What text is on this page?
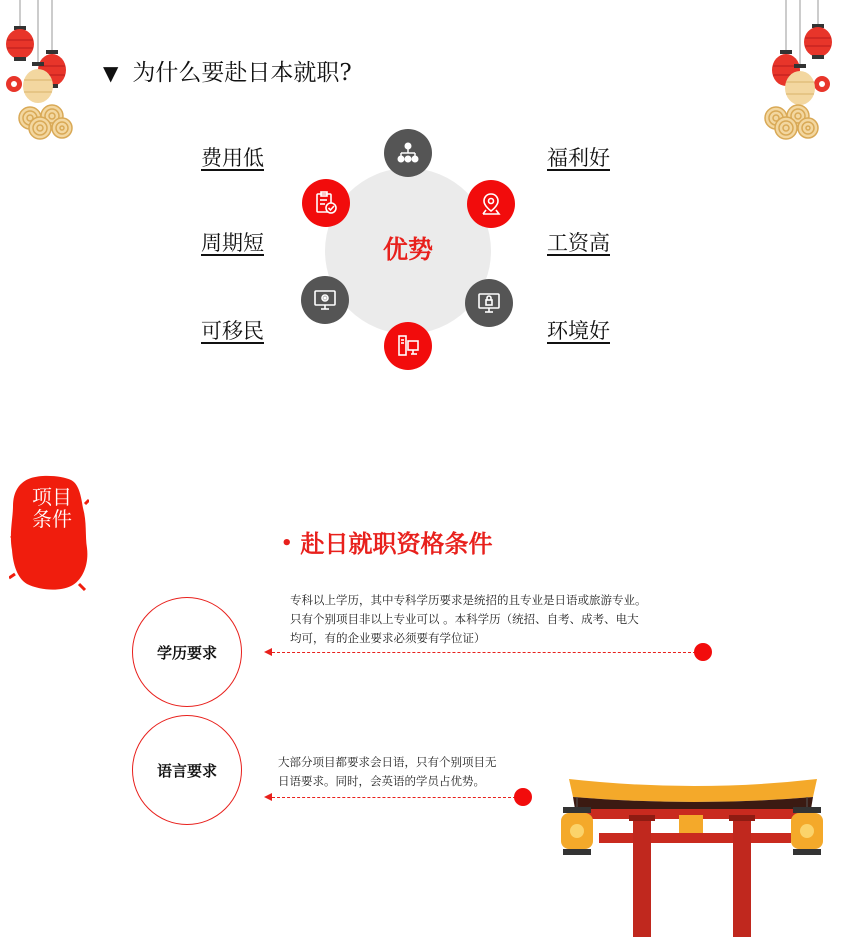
▼ 为什么要赴日本就职?
费用低
周期短
可移民
福利好
工资高
环境好
优势
项目条件
• 赴日就职资格条件
学历要求
专科以上学历，其中专科学历要求是统招的且专业是日语或旅游专业。
只有个别项目非以上专业可以 。本科学历（统招、自考、成考、电大
均可，有的企业要求必须要有学位证）
语言要求	大部分项目都要求会日语，只有个别项目无
日语要求。同时，会英语的学员占优势。
